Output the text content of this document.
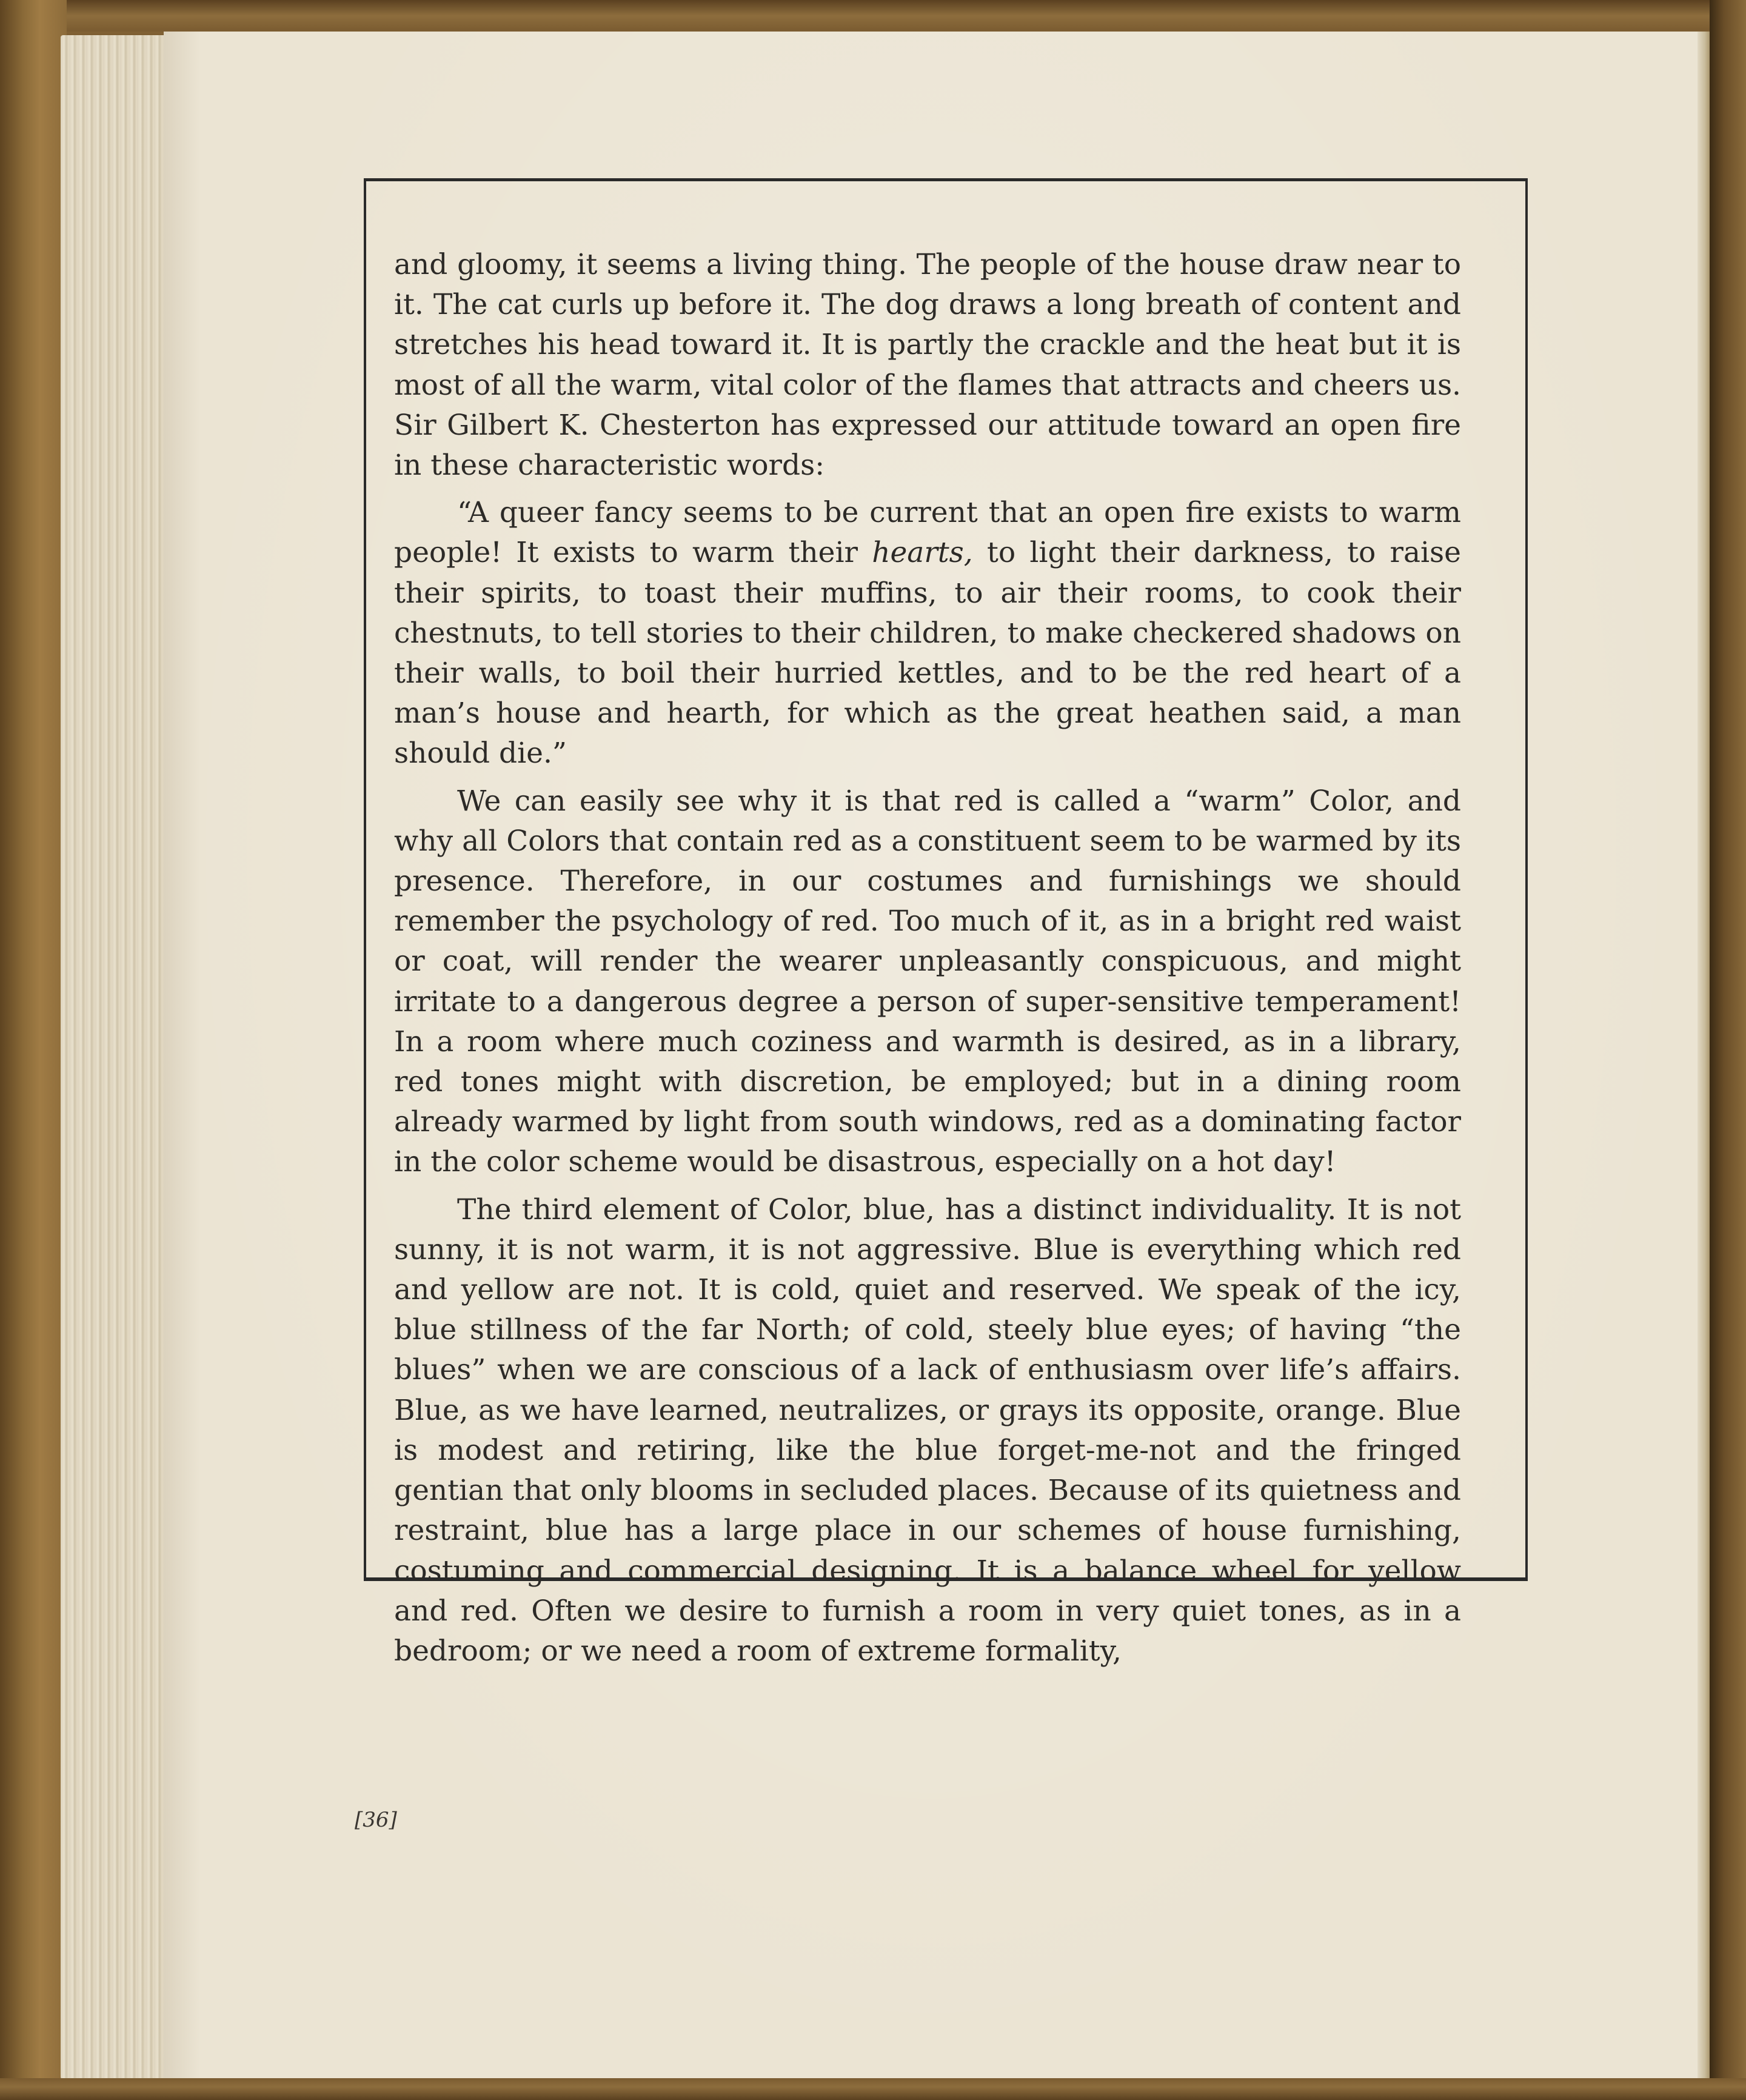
and gloomy, it seems a living thing. The people of the house draw near to it. The cat curls up before it. The dog draws a long breath of content and stretches his head toward it. It is partly the crackle and the heat but it is most of all the warm, vital color of the flames that attracts and cheers us. Sir Gilbert K. Chesterton has expressed our attitude toward an open fire in these characteristic words:

“A queer fancy seems to be current that an open fire exists to warm people! It exists to warm their hearts, to light their darkness, to raise their spirits, to toast their muffins, to air their rooms, to cook their chestnuts, to tell stories to their children, to make checkered shadows on their walls, to boil their hurried kettles, and to be the red heart of a man’s house and hearth, for which as the great heathen said, a man should die.”

We can easily see why it is that red is called a “warm” Color, and why all Colors that contain red as a constituent seem to be warmed by its presence. Therefore, in our costumes and furnishings we should remember the psychology of red. Too much of it, as in a bright red waist or coat, will render the wearer unpleasantly conspicuous, and might irritate to a dangerous degree a person of super-sensitive temperament! In a room where much coziness and warmth is desired, as in a library, red tones might with discretion, be employed; but in a dining room already warmed by light from south windows, red as a dominating factor in the color scheme would be disastrous, especially on a hot day!

The third element of Color, blue, has a distinct individuality. It is not sunny, it is not warm, it is not aggressive. Blue is everything which red and yellow are not. It is cold, quiet and reserved. We speak of the icy, blue stillness of the far North; of cold, steely blue eyes; of having “the blues” when we are conscious of a lack of enthusiasm over life’s affairs. Blue, as we have learned, neutralizes, or grays its opposite, orange. Blue is modest and retiring, like the blue forget-me-not and the fringed gentian that only blooms in secluded places. Because of its quietness and restraint, blue has a large place in our schemes of house furnishing, costuming and commercial designing. It is a balance wheel for yellow and red. Often we desire to furnish a room in very quiet tones, as in a bedroom; or we need a room of extreme formality,

[36]
